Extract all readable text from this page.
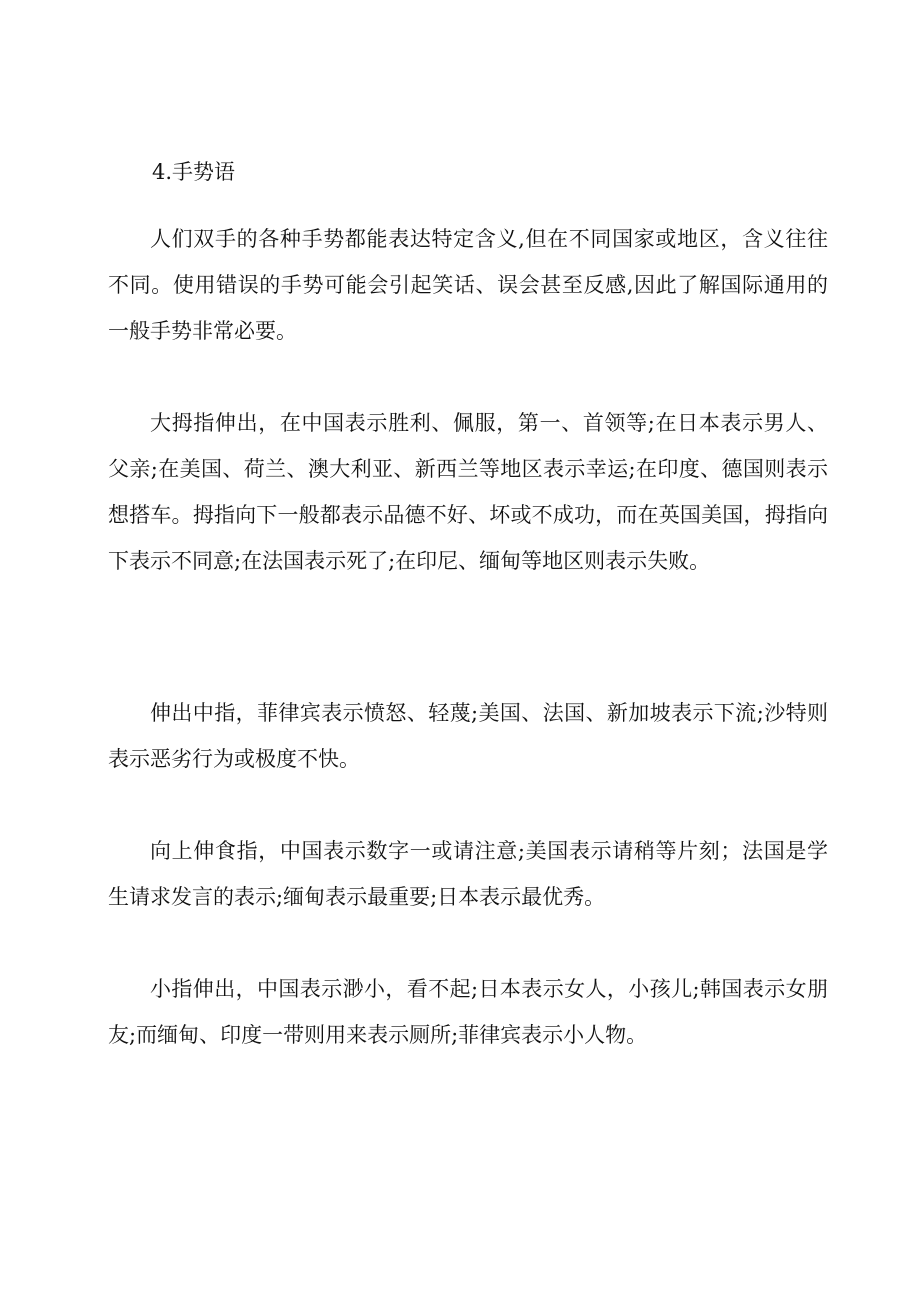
4.手势语

人们双手的各种手势都能表达特定含义,但在不同国家或地区，含义往往不同。使用错误的手势可能会引起笑话、误会甚至反感,因此了解国际通用的一般手势非常必要。

大拇指伸出，在中国表示胜利、佩服，第一、首领等;在日本表示男人、父亲;在美国、荷兰、澳大利亚、新西兰等地区表示幸运;在印度、德国则表示想搭车。拇指向下一般都表示品德不好、坏或不成功，而在英国美国，拇指向下表示不同意;在法国表示死了;在印尼、缅甸等地区则表示失败。

伸出中指，菲律宾表示愤怒、轻蔑;美国、法国、新加坡表示下流;沙特则表示恶劣行为或极度不快。

向上伸食指，中国表示数字一或请注意;美国表示请稍等片刻；法国是学生请求发言的表示;缅甸表示最重要;日本表示最优秀。

小指伸出，中国表示渺小，看不起;日本表示女人，小孩儿;韩国表示女朋友;而缅甸、印度一带则用来表示厕所;菲律宾表示小人物。
